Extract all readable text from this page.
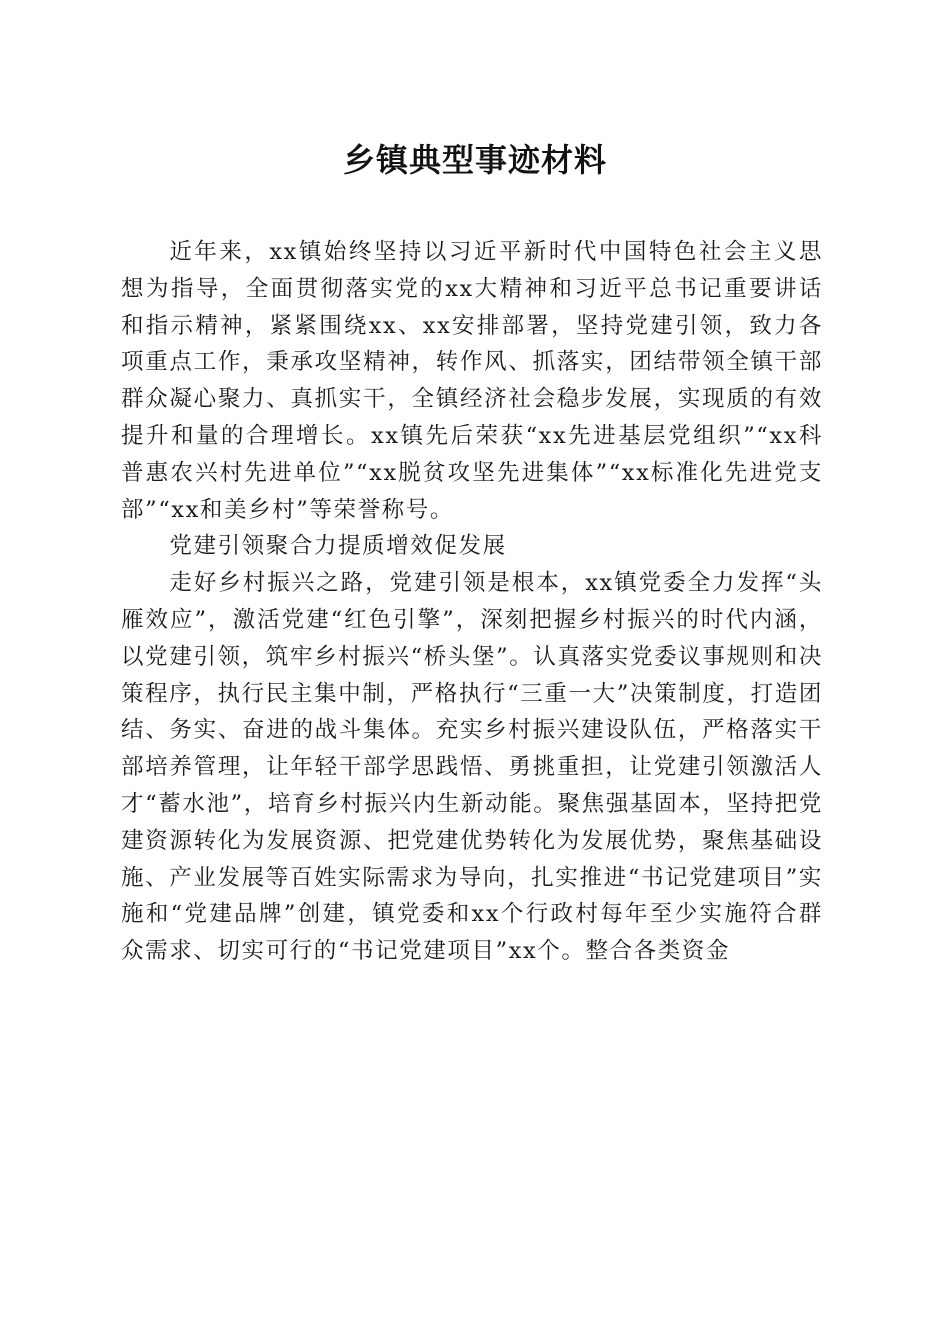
乡镇典型事迹材料

近年来，xx镇始终坚持以习近平新时代中国特色社会主义思想为指导，全面贯彻落实党的xx大精神和习近平总书记重要讲话和指示精神，紧紧围绕xx、xx安排部署，坚持党建引领，致力各项重点工作，秉承攻坚精神，转作风、抓落实，团结带领全镇干部群众凝心聚力、真抓实干，全镇经济社会稳步发展，实现质的有效提升和量的合理增长。xx镇先后荣获“xx先进基层党组织”“xx科普惠农兴村先进单位”“xx脱贫攻坚先进集体”“xx标准化先进党支部”“xx和美乡村”等荣誉称号。

党建引领聚合力提质增效促发展

走好乡村振兴之路，党建引领是根本，xx镇党委全力发挥“头雁效应”，激活党建“红色引擎”，深刻把握乡村振兴的时代内涵，以党建引领，筑牢乡村振兴“桥头堡”。认真落实党委议事规则和决策程序，执行民主集中制，严格执行“三重一大”决策制度，打造团结、务实、奋进的战斗集体。充实乡村振兴建设队伍，严格落实干部培养管理，让年轻干部学思践悟、勇挑重担，让党建引领激活人才“蓄水池”，培育乡村振兴内生新动能。聚焦强基固本，坚持把党建资源转化为发展资源、把党建优势转化为发展优势，聚焦基础设施、产业发展等百姓实际需求为导向，扎实推进“书记党建项目”实施和“党建品牌”创建，镇党委和xx个行政村每年至少实施符合群众需求、切实可行的“书记党建项目”xx个。整合各类资金
